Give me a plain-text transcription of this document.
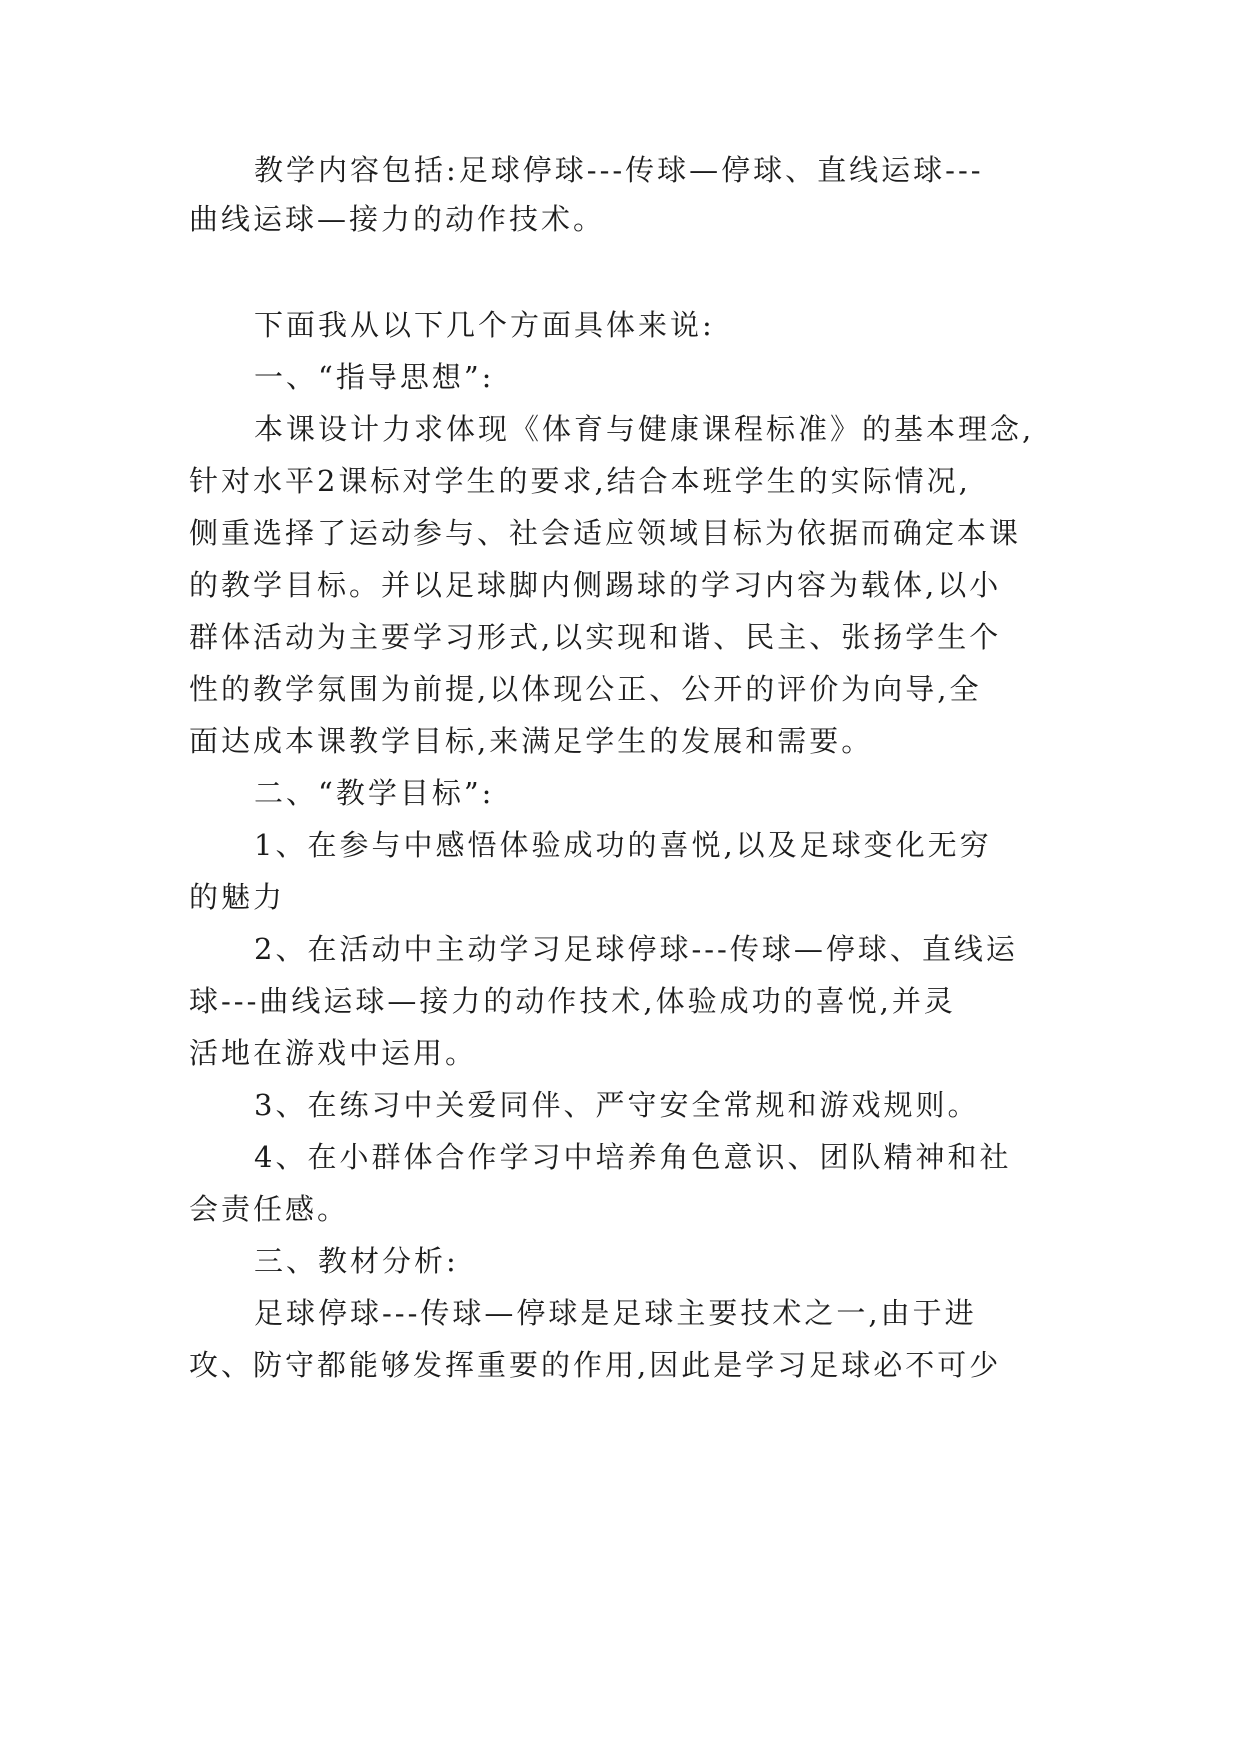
教学内容包括:足球停球---传球—停球、直线运球---
曲线运球—接力的动作技术。
下面我从以下几个方面具体来说:
一、“指导思想”:
本课设计力求体现《体育与健康课程标准》的基本理念,
针对水平2课标对学生的要求,结合本班学生的实际情况,
侧重选择了运动参与、社会适应领域目标为依据而确定本课
的教学目标。并以足球脚内侧踢球的学习内容为载体,以小
群体活动为主要学习形式,以实现和谐、民主、张扬学生个
性的教学氛围为前提,以体现公正、公开的评价为向导,全
面达成本课教学目标,来满足学生的发展和需要。
二、“教学目标”:
1、在参与中感悟体验成功的喜悦,以及足球变化无穷
的魅力
2、在活动中主动学习足球停球---传球—停球、直线运
球---曲线运球—接力的动作技术,体验成功的喜悦,并灵
活地在游戏中运用。
3、在练习中关爱同伴、严守安全常规和游戏规则。
4、在小群体合作学习中培养角色意识、团队精神和社
会责任感。
三、教材分析:
足球停球---传球—停球是足球主要技术之一,由于进
攻、防守都能够发挥重要的作用,因此是学习足球必不可少
